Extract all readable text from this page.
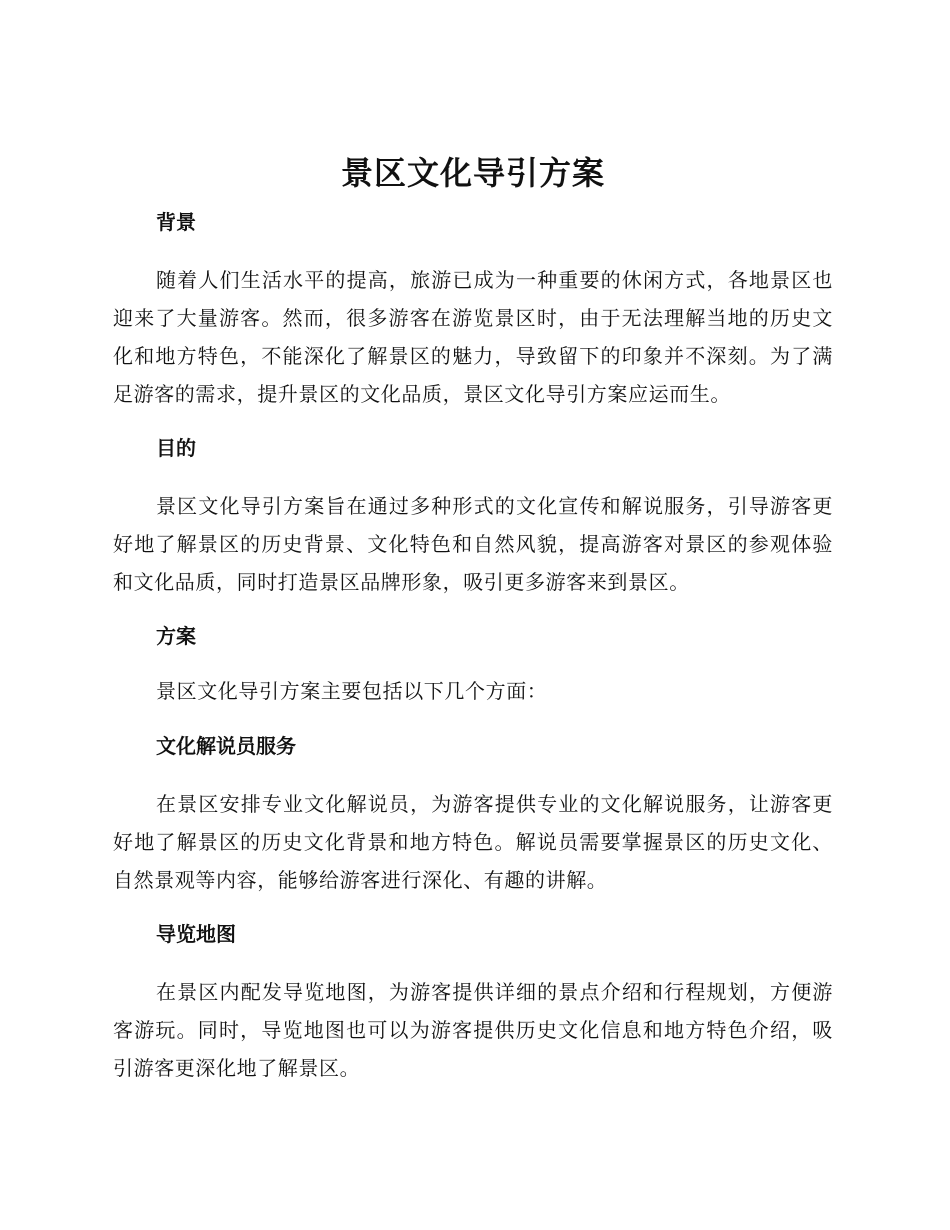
景区文化导引方案
背景

随着人们生活水平的提高，旅游已成为一种重要的休闲方式，各地景区也迎来了大量游客。然而，很多游客在游览景区时，由于无法理解当地的历史文化和地方特色，不能深化了解景区的魅力，导致留下的印象并不深刻。为了满足游客的需求，提升景区的文化品质，景区文化导引方案应运而生。

目的

景区文化导引方案旨在通过多种形式的文化宣传和解说服务，引导游客更好地了解景区的历史背景、文化特色和自然风貌，提高游客对景区的参观体验和文化品质，同时打造景区品牌形象，吸引更多游客来到景区。

方案

景区文化导引方案主要包括以下几个方面：

文化解说员服务

在景区安排专业文化解说员，为游客提供专业的文化解说服务，让游客更好地了解景区的历史文化背景和地方特色。解说员需要掌握景区的历史文化、自然景观等内容，能够给游客进行深化、有趣的讲解。

导览地图

在景区内配发导览地图，为游客提供详细的景点介绍和行程规划，方便游客游玩。同时，导览地图也可以为游客提供历史文化信息和地方特色介绍，吸引游客更深化地了解景区。
